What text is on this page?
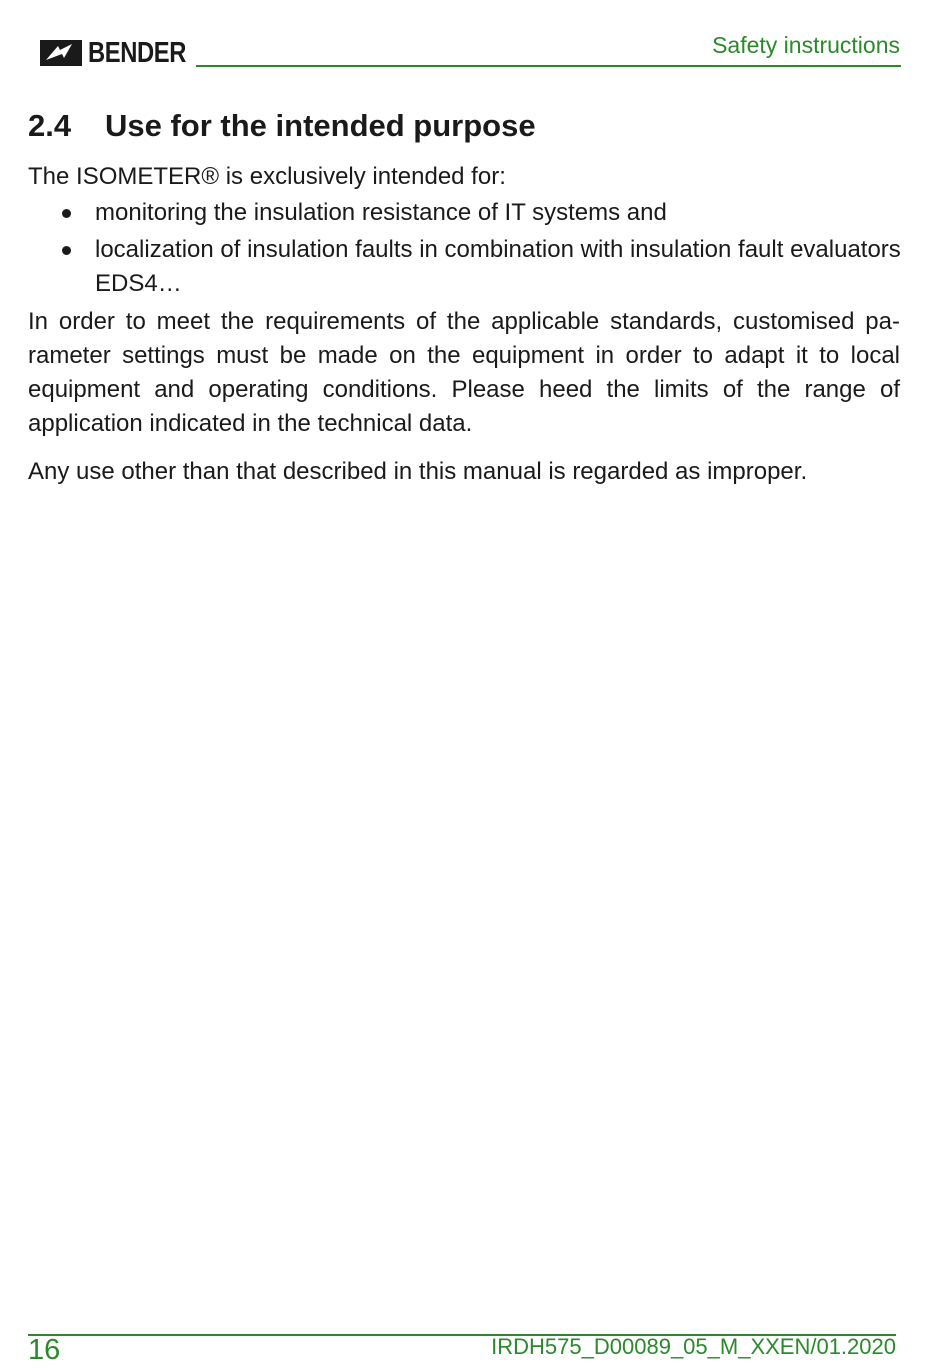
BENDER	Safety instructions
2.4 Use for the intended purpose

The ISOMETER® is exclusively intended for:

monitoring the insulation resistance of IT systems and
localization of insulation faults in combination with insulation fault evaluators EDS4…

In order to meet the requirements of the applicable standards, customised pa-rameter settings must be made on the equipment in order to adapt it to local equipment and operating conditions. Please heed the limits of the range of application indicated in the technical data.

Any use other than that described in this manual is regarded as improper.

16	IRDH575_D00089_05_M_XXEN/01.2020
